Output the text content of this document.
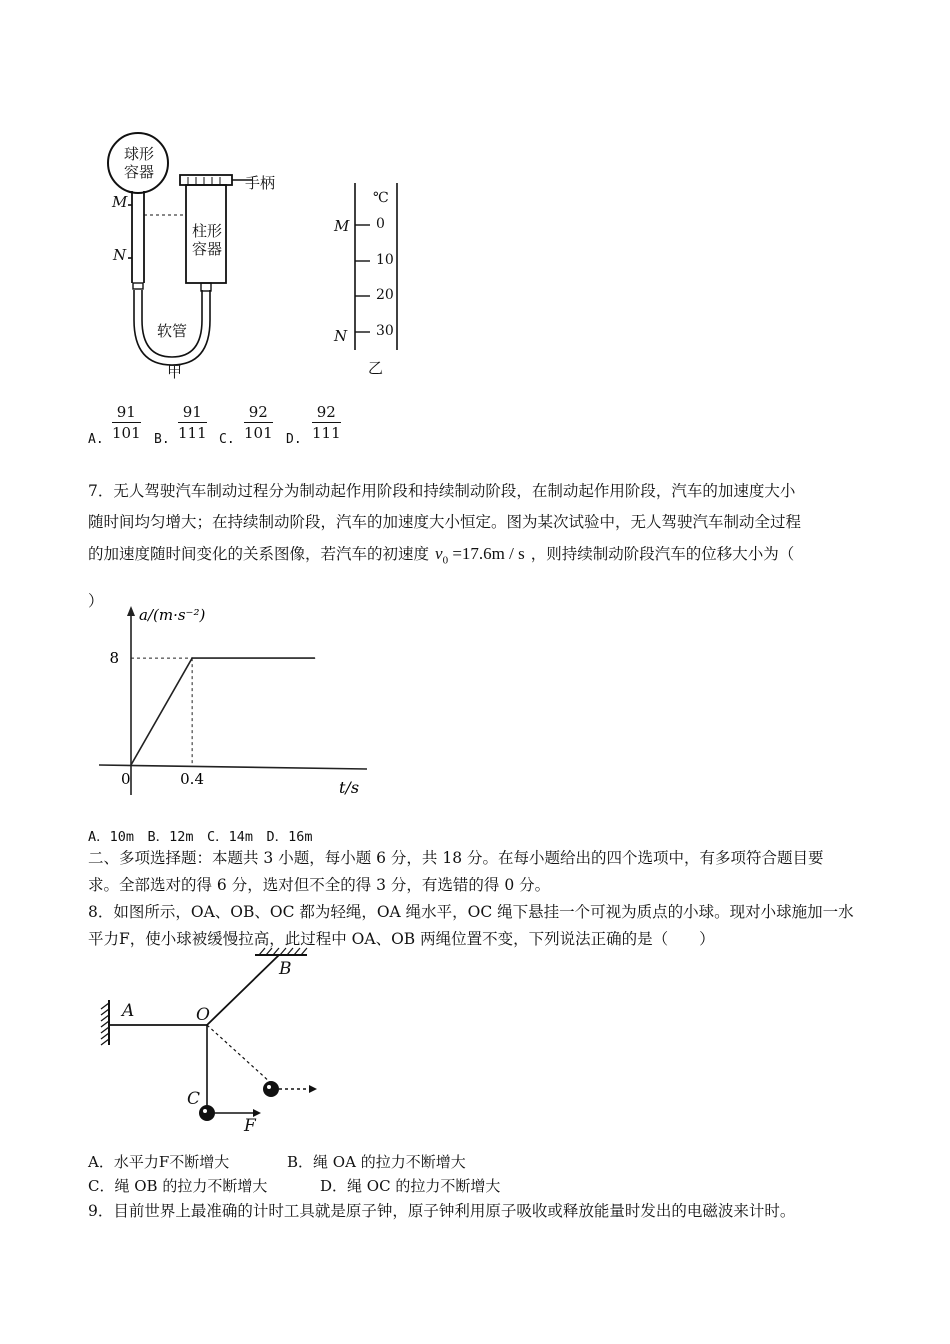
球形容器
柱形容器
手柄
软管
甲	乙
M
N
M
N
℃
0
10
20
30
A. $\frac{91}{101} B$. $\frac{91}{111} C$. $\frac{92}{101} D$. $\frac{92}{111}$
7．无人驾驶汽车制动过程分为制动起作用阶段和持续制动阶段，在制动起作用阶段，汽车的加速度大小
随时间均匀增大；在持续制动阶段，汽车的加速度大小恒定。图为某次试验中，无人驾驶汽车制动全过程
的加速度随时间变化的关系图像，若汽车的初速度 $v_0 =17.6m / s$ ，则持续制动阶段汽车的位移大小为（
）
8
0	0.4
a/(m·s⁻²)
t/s
A．10m　B．12m　C．14m　D．16m
二、多项选择题：本题共 3 小题，每小题 6 分，共 18 分。在每小题给出的四个选项中，有多项符合题目要
求。全部选对的得 6 分，选对但不全的得 3 分，有选错的得 0 分。
8．如图所示，OA、OB、OC 都为轻绳，OA 绳水平，OC 绳下悬挂一个可视为质点的小球。现对小球施加一水
平力F，使小球被缓慢拉高，此过程中 OA、OB 两绳位置不变，下列说法正确的是（　　）
A
B
O
C
F
A．水平力F不断增大	B．绳 OA 的拉力不断增大
C．绳 OB 的拉力不断增大	D．绳 OC 的拉力不断增大
9．目前世界上最准确的计时工具就是原子钟，原子钟利用原子吸收或释放能量时发出的电磁波来计时。
